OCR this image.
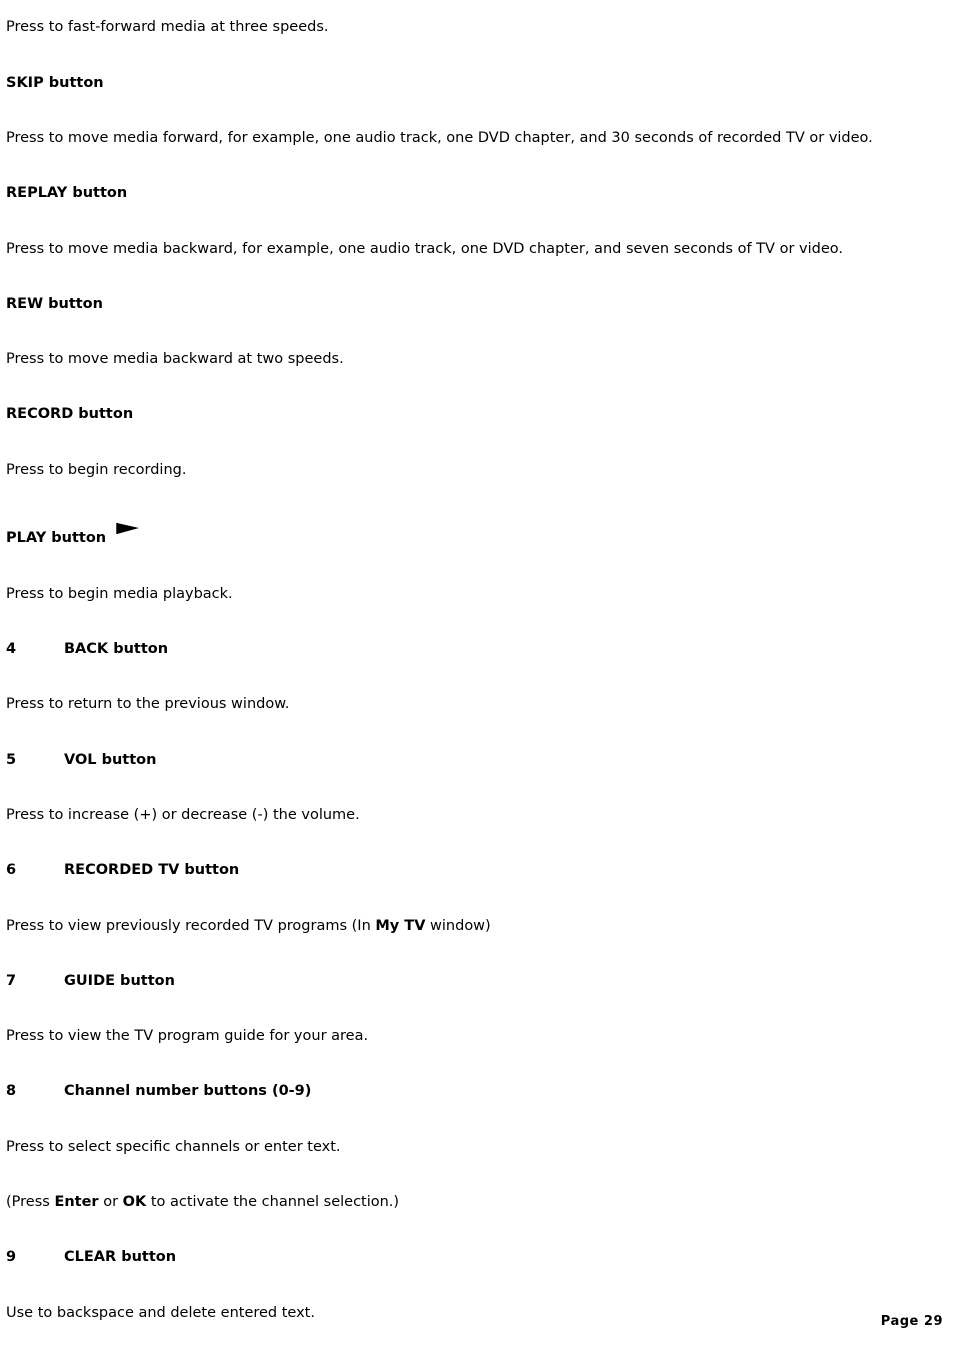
Press to fast-forward media at three speeds.
SKIP button
Press to move media forward, for example, one audio track, one DVD chapter, and 30 seconds of recorded TV or video.
REPLAY button
Press to move media backward, for example, one audio track, one DVD chapter, and seven seconds of TV or video.
REW button
Press to move media backward at two speeds.
RECORD button
Press to begin recording.
PLAY button
Press to begin media playback.
4	BACK button
Press to return to the previous window.
5	VOL button
Press to increase (+) or decrease (-) the volume.
6	RECORDED TV button
Press to view previously recorded TV programs (In My TV window)
7	GUIDE button
Press to view the TV program guide for your area.
8	Channel number buttons (0-9)
Press to select specific channels or enter text.
(Press Enter or OK to activate the channel selection.)
9	CLEAR button
Use to backspace and delete entered text.
Page 29
